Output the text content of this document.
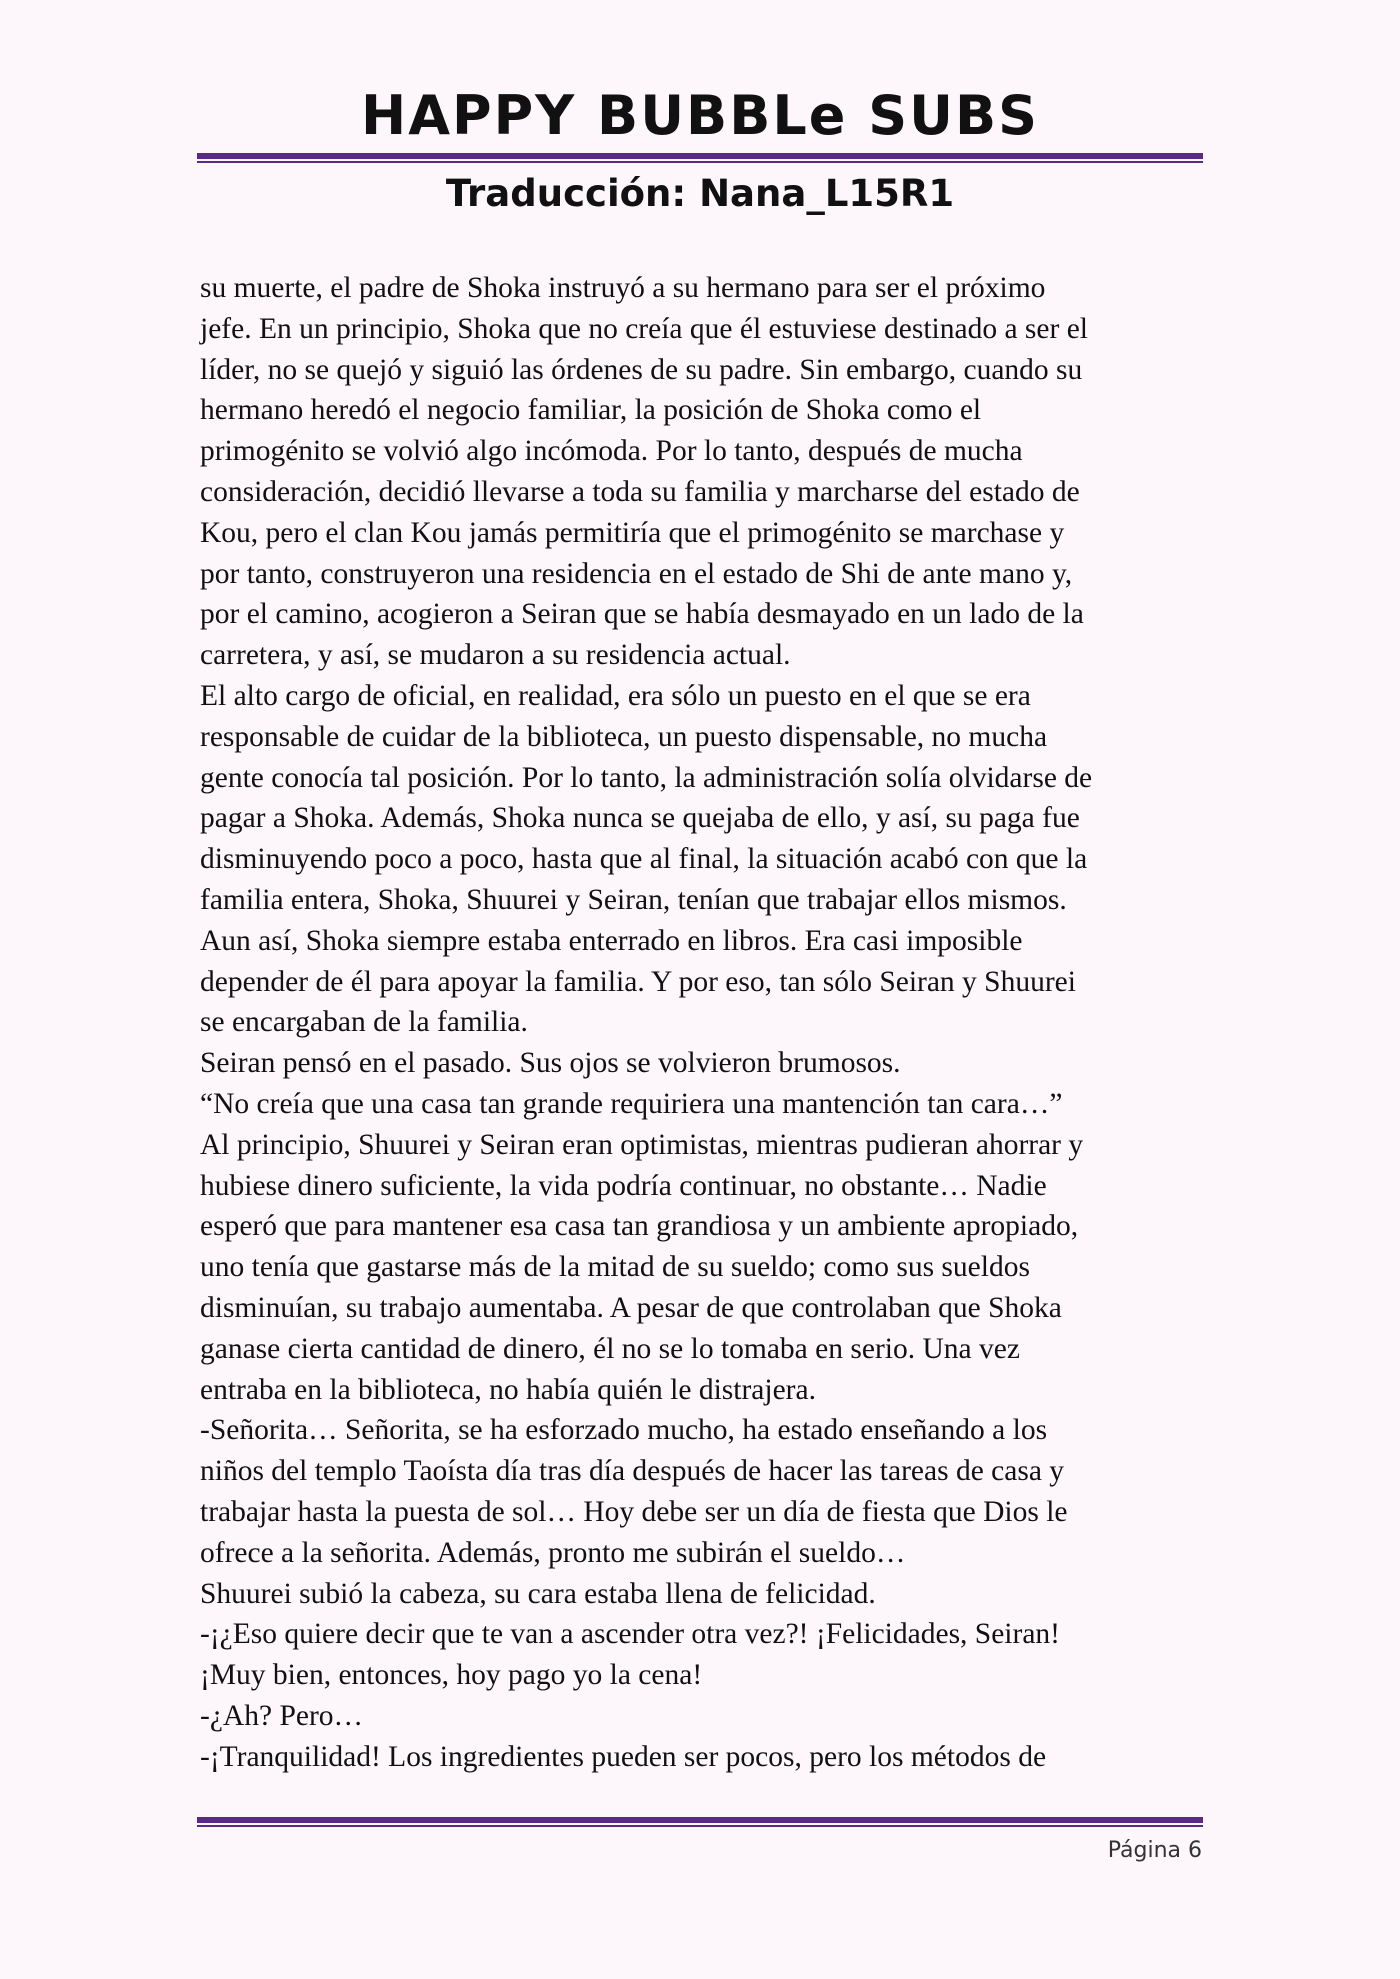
HAPPY BUBBLe SUBS
Traducción: Nana_L15R1
su muerte, el padre de Shoka instruyó a su hermano para ser el próximo
jefe. En un principio, Shoka que no creía que él estuviese destinado a ser el
líder, no se quejó y siguió las órdenes de su padre. Sin embargo, cuando su
hermano heredó el negocio familiar, la posición de Shoka como el
primogénito se volvió algo incómoda. Por lo tanto, después de mucha
consideración, decidió llevarse a toda su familia y marcharse del estado de
Kou, pero el clan Kou jamás permitiría que el primogénito se marchase y
por tanto, construyeron una residencia en el estado de Shi de ante mano y,
por el camino, acogieron a Seiran que se había desmayado en un lado de la
carretera, y así, se mudaron a su residencia actual.
El alto cargo de oficial, en realidad, era sólo un puesto en el que se era
responsable de cuidar de la biblioteca, un puesto dispensable, no mucha
gente conocía tal posición. Por lo tanto, la administración solía olvidarse de
pagar a Shoka. Además, Shoka nunca se quejaba de ello, y así, su paga fue
disminuyendo poco a poco, hasta que al final, la situación acabó con que la
familia entera, Shoka, Shuurei y Seiran, tenían que trabajar ellos mismos.
Aun así, Shoka siempre estaba enterrado en libros. Era casi imposible
depender de él para apoyar la familia. Y por eso, tan sólo Seiran y Shuurei
se encargaban de la familia.
Seiran pensó en el pasado. Sus ojos se volvieron brumosos.
“No creía que una casa tan grande requiriera una mantención tan cara…”
Al principio, Shuurei y Seiran eran optimistas, mientras pudieran ahorrar y
hubiese dinero suficiente, la vida podría continuar, no obstante… Nadie
esperó que para mantener esa casa tan grandiosa y un ambiente apropiado,
uno tenía que gastarse más de la mitad de su sueldo; como sus sueldos
disminuían, su trabajo aumentaba. A pesar de que controlaban que Shoka
ganase cierta cantidad de dinero, él no se lo tomaba en serio. Una vez
entraba en la biblioteca, no había quién le distrajera.
-Señorita… Señorita, se ha esforzado mucho, ha estado enseñando a los
niños del templo Taoísta día tras día después de hacer las tareas de casa y
trabajar hasta la puesta de sol… Hoy debe ser un día de fiesta que Dios le
ofrece a la señorita. Además, pronto me subirán el sueldo…
Shuurei subió la cabeza, su cara estaba llena de felicidad.
-¡¿Eso quiere decir que te van a ascender otra vez?! ¡Felicidades, Seiran!
¡Muy bien, entonces, hoy pago yo la cena!
-¿Ah? Pero…
-¡Tranquilidad! Los ingredientes pueden ser pocos, pero los métodos de
Página 6
